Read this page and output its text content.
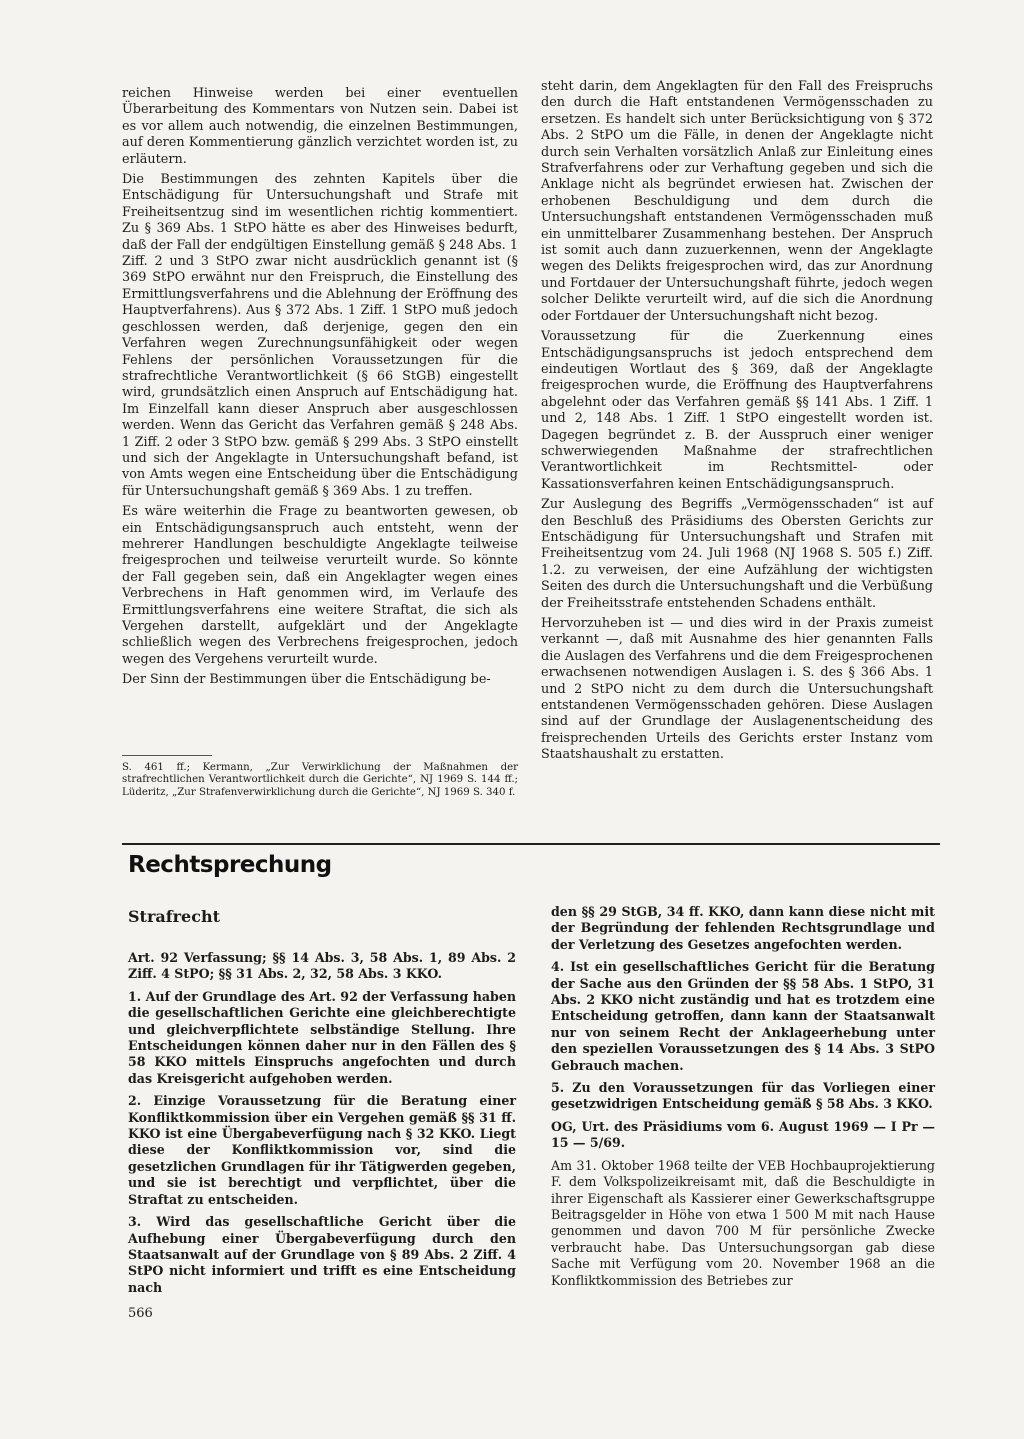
reichen Hinweise werden bei einer eventuellen Überarbeitung des Kommentars von Nutzen sein. Dabei ist es vor allem auch notwendig, die einzelnen Bestimmungen, auf deren Kommentierung gänzlich verzichtet worden ist, zu erläutern.

Die Bestimmungen des zehnten Kapitels über die Entschädigung für Untersuchungshaft und Strafe mit Freiheitsentzug sind im wesentlichen richtig kommentiert. Zu § 369 Abs. 1 StPO hätte es aber des Hinweises bedurft, daß der Fall der endgültigen Einstellung gemäß § 248 Abs. 1 Ziff. 2 und 3 StPO zwar nicht ausdrücklich genannt ist (§ 369 StPO erwähnt nur den Freispruch, die Einstellung des Ermittlungsverfahrens und die Ablehnung der Eröffnung des Hauptverfahrens). Aus § 372 Abs. 1 Ziff. 1 StPO muß jedoch geschlossen werden, daß derjenige, gegen den ein Verfahren wegen Zurechnungsunfähigkeit oder wegen Fehlens der persönlichen Voraussetzungen für die strafrechtliche Verantwortlichkeit (§ 66 StGB) eingestellt wird, grundsätzlich einen Anspruch auf Entschädigung hat. Im Einzelfall kann dieser Anspruch aber ausgeschlossen werden. Wenn das Gericht das Verfahren gemäß § 248 Abs. 1 Ziff. 2 oder 3 StPO bzw. gemäß § 299 Abs. 3 StPO einstellt und sich der Angeklagte in Untersuchungshaft befand, ist von Amts wegen eine Entscheidung über die Entschädigung für Untersuchungshaft gemäß § 369 Abs. 1 zu treffen.

Es wäre weiterhin die Frage zu beantworten gewesen, ob ein Entschädigungsanspruch auch entsteht, wenn der mehrerer Handlungen beschuldigte Angeklagte teilweise freigesprochen und teilweise verurteilt wurde. So könnte der Fall gegeben sein, daß ein Angeklagter wegen eines Verbrechens in Haft genommen wird, im Verlaufe des Ermittlungsverfahrens eine weitere Straftat, die sich als Vergehen darstellt, aufgeklärt und der Angeklagte schließlich wegen des Verbrechens freigesprochen, jedoch wegen des Vergehens verurteilt wurde.

Der Sinn der Bestimmungen über die Entschädigung be-

S. 461 ff.; Kermann, „Zur Verwirklichung der Maßnahmen der strafrechtlichen Verantwortlichkeit durch die Gerichte“, NJ 1969 S. 144 ff.; Lüderitz, „Zur Strafenverwirklichung durch die Gerichte“, NJ 1969 S. 340 f.

steht darin, dem Angeklagten für den Fall des Freispruchs den durch die Haft entstandenen Vermögensschaden zu ersetzen. Es handelt sich unter Berücksichtigung von § 372 Abs. 2 StPO um die Fälle, in denen der Angeklagte nicht durch sein Verhalten vorsätzlich Anlaß zur Einleitung eines Strafverfahrens oder zur Verhaftung gegeben und sich die Anklage nicht als begründet erwiesen hat. Zwischen der erhobenen Beschuldigung und dem durch die Untersuchungshaft entstandenen Vermögensschaden muß ein unmittelbarer Zusammenhang bestehen. Der Anspruch ist somit auch dann zuzuerkennen, wenn der Angeklagte wegen des Delikts freigesprochen wird, das zur Anordnung und Fortdauer der Untersuchungshaft führte, jedoch wegen solcher Delikte verurteilt wird, auf die sich die Anordnung oder Fortdauer der Untersuchungshaft nicht bezog.

Voraussetzung für die Zuerkennung eines Entschädigungsanspruchs ist jedoch entsprechend dem eindeutigen Wortlaut des § 369, daß der Angeklagte freigesprochen wurde, die Eröffnung des Hauptverfahrens abgelehnt oder das Verfahren gemäß §§ 141 Abs. 1 Ziff. 1 und 2, 148 Abs. 1 Ziff. 1 StPO eingestellt worden ist. Dagegen begründet z. B. der Ausspruch einer weniger schwerwiegenden Maßnahme der strafrechtlichen Verantwortlichkeit im Rechtsmittel- oder Kassationsverfahren keinen Entschädigungsanspruch.

Zur Auslegung des Begriffs „Vermögensschaden“ ist auf den Beschluß des Präsidiums des Obersten Gerichts zur Entschädigung für Untersuchungshaft und Strafen mit Freiheitsentzug vom 24. Juli 1968 (NJ 1968 S. 505 f.) Ziff. 1.2. zu verweisen, der eine Aufzählung der wichtigsten Seiten des durch die Untersuchungshaft und die Verbüßung der Freiheitsstrafe entstehenden Schadens enthält.

Hervorzuheben ist — und dies wird in der Praxis zumeist verkannt —, daß mit Ausnahme des hier genannten Falls die Auslagen des Verfahrens und die dem Freigesprochenen erwachsenen notwendigen Auslagen i. S. des § 366 Abs. 1 und 2 StPO nicht zu dem durch die Untersuchungshaft entstandenen Vermögensschaden gehören. Diese Auslagen sind auf der Grundlage der Auslagenentscheidung des freisprechenden Urteils des Gerichts erster Instanz vom Staatshaushalt zu erstatten.

Rechtsprechung
Strafrecht

Art. 92 Verfassung; §§ 14 Abs. 3, 58 Abs. 1, 89 Abs. 2 Ziff. 4 StPO; §§ 31 Abs. 2, 32, 58 Abs. 3 KKO.

1. Auf der Grundlage des Art. 92 der Verfassung haben die gesellschaftlichen Gerichte eine gleichberechtigte und gleichverpflichtete selbständige Stellung. Ihre Entscheidungen können daher nur in den Fällen des § 58 KKO mittels Einspruchs angefochten und durch das Kreisgericht aufgehoben werden.

2. Einzige Voraussetzung für die Beratung einer Konfliktkommission über ein Vergehen gemäß §§ 31 ff. KKO ist eine Übergabeverfügung nach § 32 KKO. Liegt diese der Konfliktkommission vor, sind die gesetzlichen Grundlagen für ihr Tätigwerden gegeben, und sie ist berechtigt und verpflichtet, über die Straftat zu entscheiden.

3. Wird das gesellschaftliche Gericht über die Aufhebung einer Übergabeverfügung durch den Staatsanwalt auf der Grundlage von § 89 Abs. 2 Ziff. 4 StPO nicht informiert und trifft es eine Entscheidung nach

den §§ 29 StGB, 34 ff. KKO, dann kann diese nicht mit der Begründung der fehlenden Rechtsgrundlage und der Verletzung des Gesetzes angefochten werden.

4. Ist ein gesellschaftliches Gericht für die Beratung der Sache aus den Gründen der §§ 58 Abs. 1 StPO, 31 Abs. 2 KKO nicht zuständig und hat es trotzdem eine Entscheidung getroffen, dann kann der Staatsanwalt nur von seinem Recht der Anklageerhebung unter den speziellen Voraussetzungen des § 14 Abs. 3 StPO Gebrauch machen.

5. Zu den Voraussetzungen für das Vorliegen einer gesetzwidrigen Entscheidung gemäß § 58 Abs. 3 KKO.

OG, Urt. des Präsidiums vom 6. August 1969 — I Pr — 15 — 5/69.

Am 31. Oktober 1968 teilte der VEB Hochbauprojektierung F. dem Volkspolizeikreisamt mit, daß die Beschuldigte in ihrer Eigenschaft als Kassierer einer Gewerkschaftsgruppe Beitragsgelder in Höhe von etwa 1 500 M mit nach Hause genommen und davon 700 M für persönliche Zwecke verbraucht habe. Das Untersuchungsorgan gab diese Sache mit Verfügung vom 20. November 1968 an die Konfliktkommission des Betriebes zur

566
